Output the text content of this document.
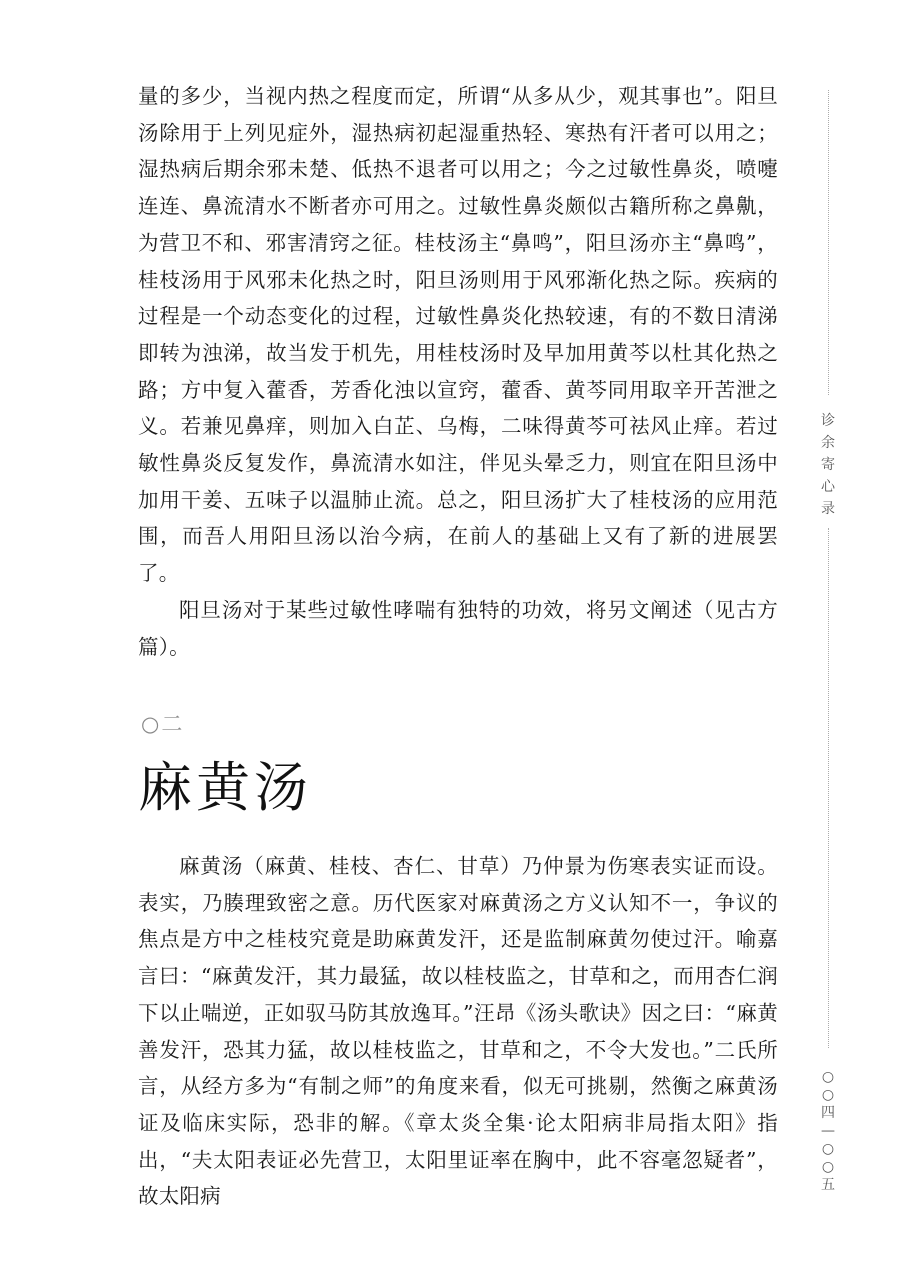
量的多少，当视内热之程度而定，所谓“从多从少，观其事也”。阳旦汤除用于上列见症外，湿热病初起湿重热轻、寒热有汗者可以用之；湿热病后期余邪未楚、低热不退者可以用之；今之过敏性鼻炎，喷嚏连连、鼻流清水不断者亦可用之。过敏性鼻炎颇似古籍所称之鼻鼽，为营卫不和、邪害清窍之征。桂枝汤主“鼻鸣”，阳旦汤亦主“鼻鸣”，桂枝汤用于风邪未化热之时，阳旦汤则用于风邪渐化热之际。疾病的过程是一个动态变化的过程，过敏性鼻炎化热较速，有的不数日清涕即转为浊涕，故当发于机先，用桂枝汤时及早加用黄芩以杜其化热之路；方中复入藿香，芳香化浊以宣窍，藿香、黄芩同用取辛开苦泄之义。若兼见鼻痒，则加入白芷、乌梅，二味得黄芩可祛风止痒。若过敏性鼻炎反复发作，鼻流清水如注，伴见头晕乏力，则宜在阳旦汤中加用干姜、五味子以温肺止流。总之，阳旦汤扩大了桂枝汤的应用范围，而吾人用阳旦汤以治今病，在前人的基础上又有了新的进展罢了。

阳旦汤对于某些过敏性哮喘有独特的功效，将另文阐述（见古方篇）。

○二
麻黄汤

麻黄汤（麻黄、桂枝、杏仁、甘草）乃仲景为伤寒表实证而设。表实，乃腠理致密之意。历代医家对麻黄汤之方义认知不一，争议的焦点是方中之桂枝究竟是助麻黄发汗，还是监制麻黄勿使过汗。喻嘉言曰：“麻黄发汗，其力最猛，故以桂枝监之，甘草和之，而用杏仁润下以止喘逆，正如驭马防其放逸耳。”汪昂《汤头歌诀》因之曰：“麻黄善发汗，恐其力猛，故以桂枝监之，甘草和之，不令大发也。”二氏所言，从经方多为“有制之师”的角度来看，似无可挑剔，然衡之麻黄汤证及临床实际，恐非的解。《章太炎全集·论太阳病非局指太阳》指出，“夫太阳表证必先营卫，太阳里证率在胸中，此不容毫忽疑者”，故太阳病

诊
余
寄
心
录
○
○
四
—
○
○
五
